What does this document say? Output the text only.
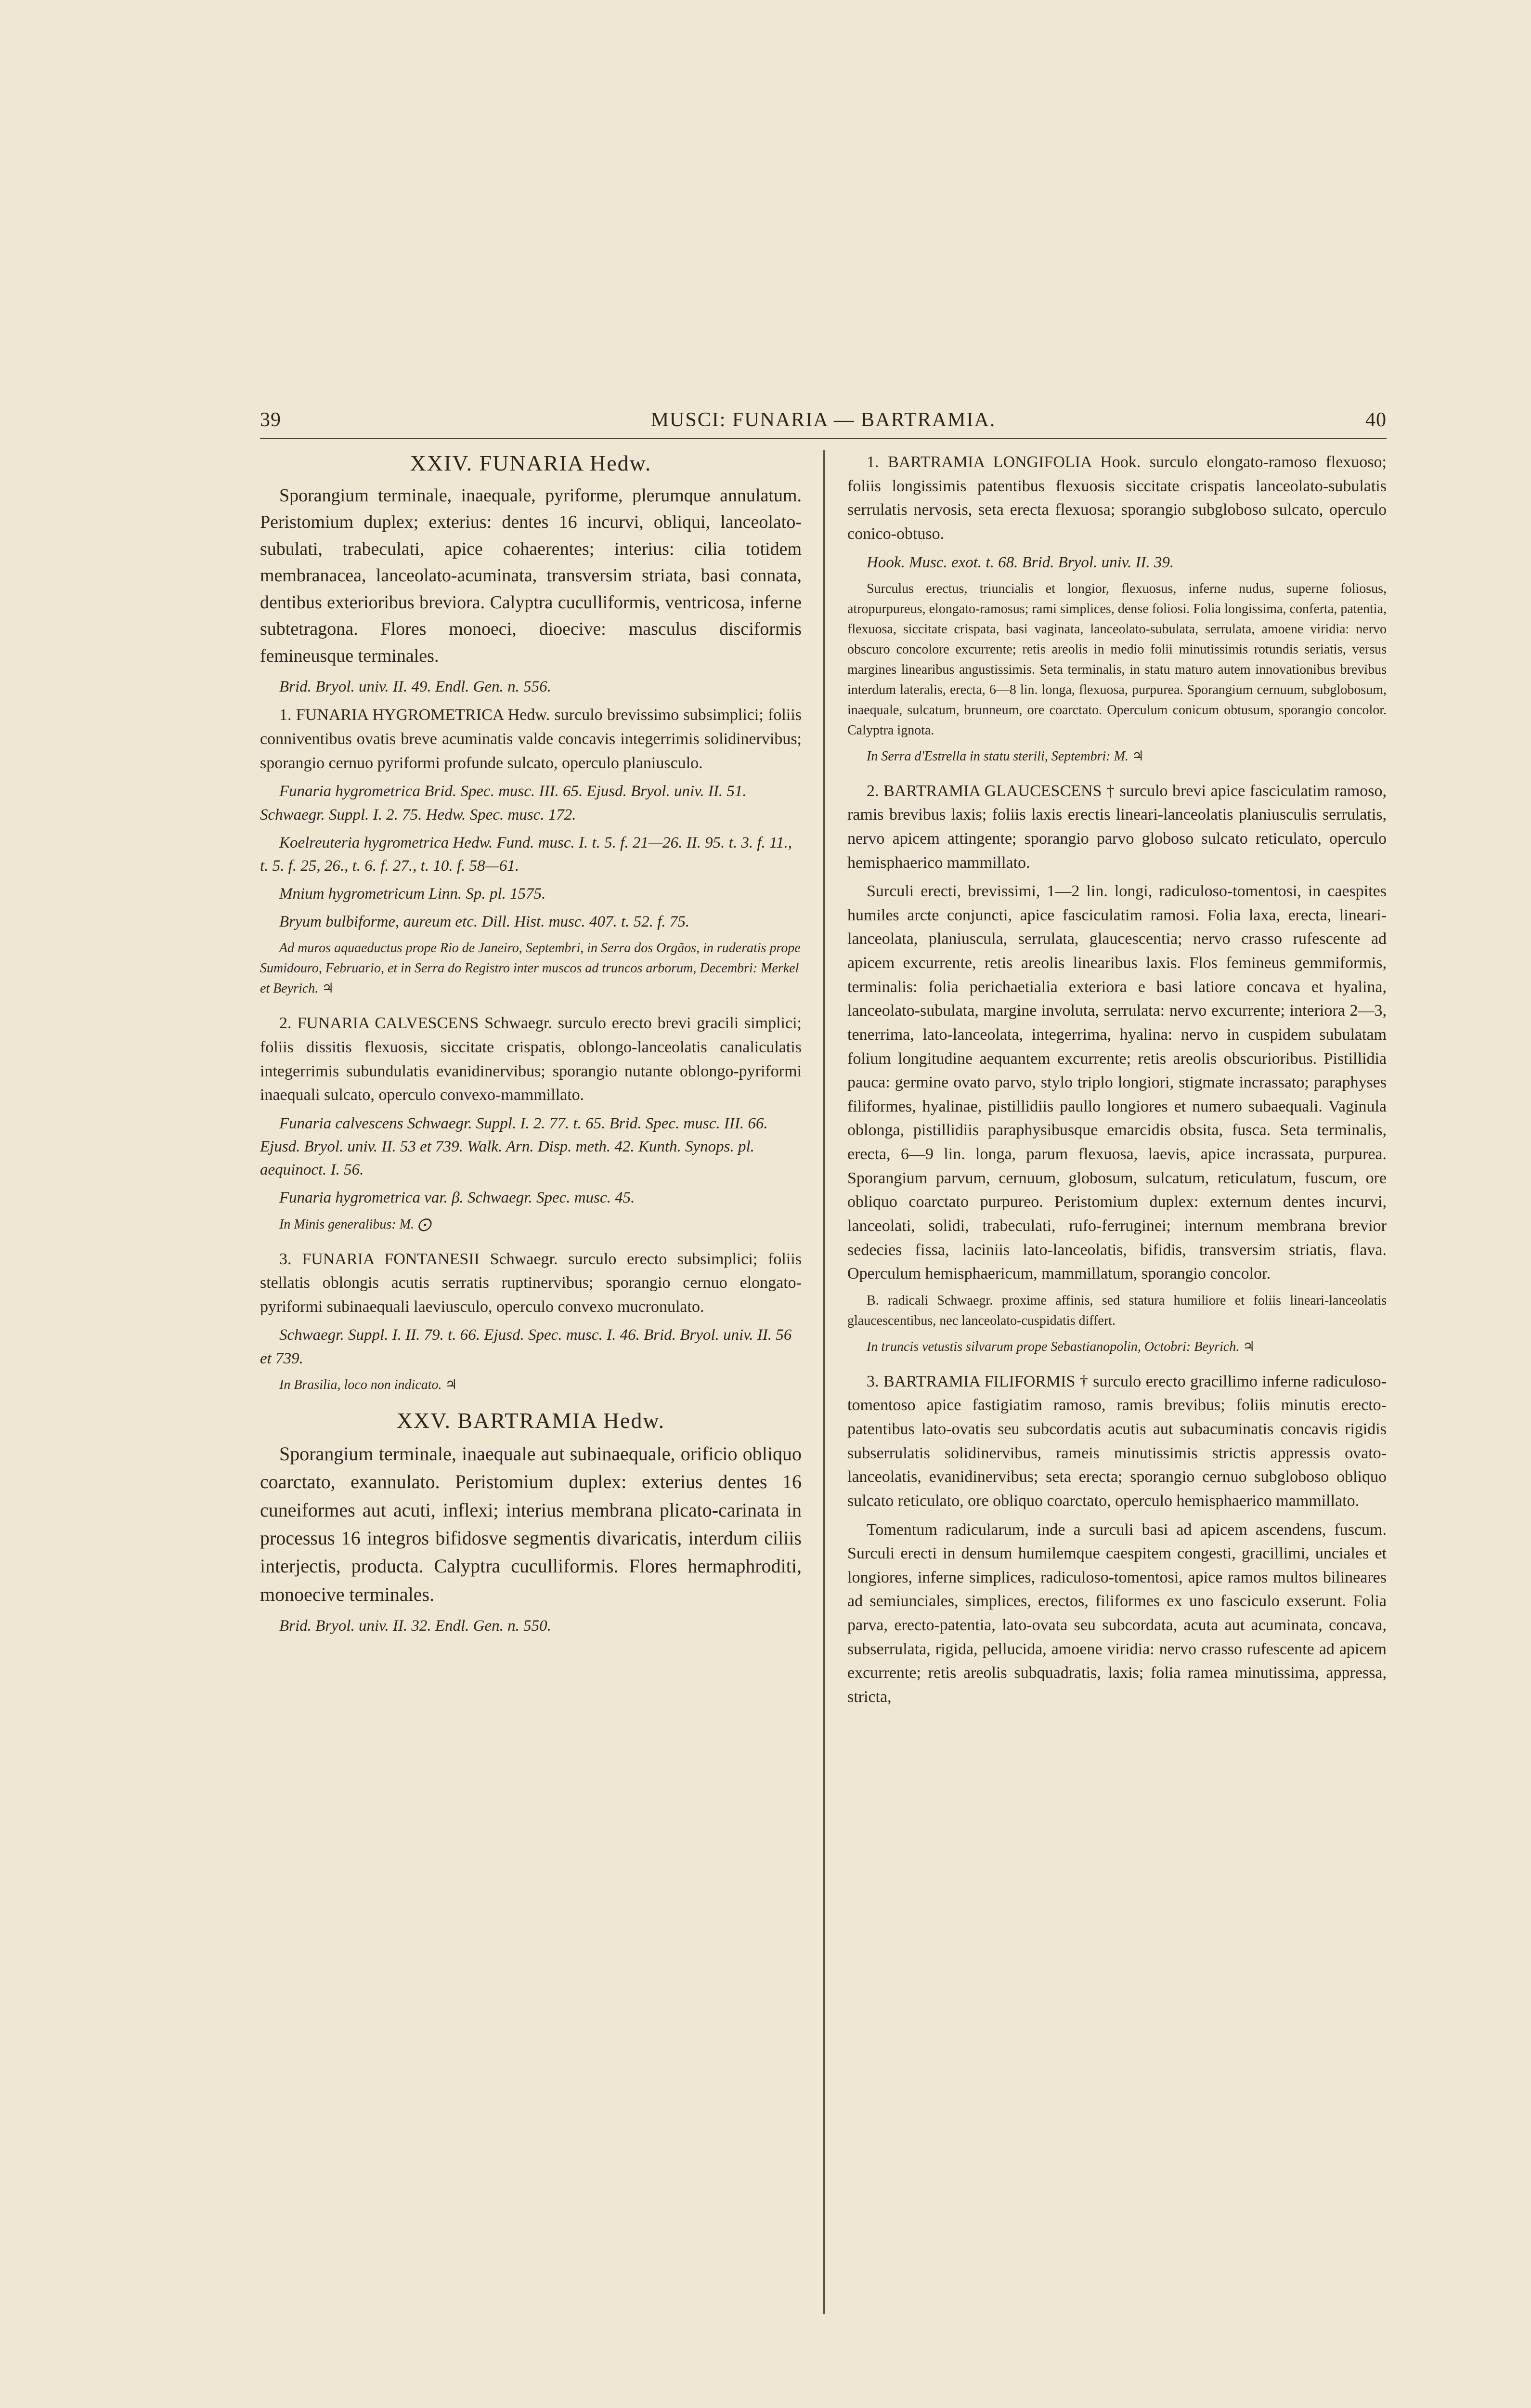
39	MUSCI: FUNARIA — BARTRAMIA.	40
XXIV. FUNARIA Hedw.

Sporangium terminale, inaequale, pyriforme, plerumque annulatum. Peristomium duplex; exterius: dentes 16 incurvi, obliqui, lanceolato-subulati, trabeculati, apice cohaerentes; interius: cilia totidem membranacea, lanceolato-acuminata, transversim striata, basi connata, dentibus exterioribus breviora. Calyptra cuculliformis, ventricosa, inferne subtetragona. Flores monoeci, dioecive: masculus disciformis femineusque terminales.

Brid. Bryol. univ. II. 49. Endl. Gen. n. 556.

1. FUNARIA HYGROMETRICA Hedw. surculo brevissimo subsimplici; foliis conniventibus ovatis breve acuminatis valde concavis integerrimis solidinervibus; sporangio cernuo pyriformi profunde sulcato, operculo planiusculo.

Funaria hygrometrica Brid. Spec. musc. III. 65. Ejusd. Bryol. univ. II. 51. Schwaegr. Suppl. I. 2. 75. Hedw. Spec. musc. 172.

Koelreuteria hygrometrica Hedw. Fund. musc. I. t. 5. f. 21—26. II. 95. t. 3. f. 11., t. 5. f. 25, 26., t. 6. f. 27., t. 10. f. 58—61.

Mnium hygrometricum Linn. Sp. pl. 1575.

Bryum bulbiforme, aureum etc. Dill. Hist. musc. 407. t. 52. f. 75.

Ad muros aquaeductus prope Rio de Janeiro, Septembri, in Serra dos Orgãos, in ruderatis prope Sumidouro, Februario, et in Serra do Registro inter muscos ad truncos arborum, Decembri: Merkel et Beyrich. ♃

2. FUNARIA CALVESCENS Schwaegr. surculo erecto brevi gracili simplici; foliis dissitis flexuosis, siccitate crispatis, oblongo-lanceolatis canaliculatis integerrimis subundulatis evanidinervibus; sporangio nutante oblongo-pyriformi inaequali sulcato, operculo convexo-mammillato.

Funaria calvescens Schwaegr. Suppl. I. 2. 77. t. 65. Brid. Spec. musc. III. 66. Ejusd. Bryol. univ. II. 53 et 739. Walk. Arn. Disp. meth. 42. Kunth. Synops. pl. aequinoct. I. 56.

Funaria hygrometrica var. β. Schwaegr. Spec. musc. 45.

In Minis generalibus: M. ⨀

3. FUNARIA FONTANESII Schwaegr. surculo erecto subsimplici; foliis stellatis oblongis acutis serratis ruptinervibus; sporangio cernuo elongato-pyriformi subinaequali laeviusculo, operculo convexo mucronulato.

Schwaegr. Suppl. I. II. 79. t. 66. Ejusd. Spec. musc. I. 46. Brid. Bryol. univ. II. 56 et 739.

In Brasilia, loco non indicato. ♃

XXV. BARTRAMIA Hedw.

Sporangium terminale, inaequale aut subinaequale, orificio obliquo coarctato, exannulato. Peristomium duplex: exterius dentes 16 cuneiformes aut acuti, inflexi; interius membrana plicato-carinata in processus 16 integros bifidosve segmentis divaricatis, interdum ciliis interjectis, producta. Calyptra cuculliformis. Flores hermaphroditi, monoecive terminales.

Brid. Bryol. univ. II. 32. Endl. Gen. n. 550.

1. BARTRAMIA LONGIFOLIA Hook. surculo elongato-ramoso flexuoso; foliis longissimis patentibus flexuosis siccitate crispatis lanceolato-subulatis serrulatis nervosis, seta erecta flexuosa; sporangio subgloboso sulcato, operculo conico-obtuso.

Hook. Musc. exot. t. 68. Brid. Bryol. univ. II. 39.

Surculus erectus, triuncialis et longior, flexuosus, inferne nudus, superne foliosus, atropurpureus, elongato-ramosus; rami simplices, dense foliosi. Folia longissima, conferta, patentia, flexuosa, siccitate crispata, basi vaginata, lanceolato-subulata, serrulata, amoene viridia: nervo obscuro concolore excurrente; retis areolis in medio folii minutissimis rotundis seriatis, versus margines linearibus angustissimis. Seta terminalis, in statu maturo autem innovationibus brevibus interdum lateralis, erecta, 6—8 lin. longa, flexuosa, purpurea. Sporangium cernuum, subglobosum, inaequale, sulcatum, brunneum, ore coarctato. Operculum conicum obtusum, sporangio concolor. Calyptra ignota.

In Serra d'Estrella in statu sterili, Septembri: M. ♃

2. BARTRAMIA GLAUCESCENS † surculo brevi apice fasciculatim ramoso, ramis brevibus laxis; foliis laxis erectis lineari-lanceolatis planiusculis serrulatis, nervo apicem attingente; sporangio parvo globoso sulcato reticulato, operculo hemisphaerico mammillato.

Surculi erecti, brevissimi, 1—2 lin. longi, radiculoso-tomentosi, in caespites humiles arcte conjuncti, apice fasciculatim ramosi. Folia laxa, erecta, lineari-lanceolata, planiuscula, serrulata, glaucescentia; nervo crasso rufescente ad apicem excurrente, retis areolis linearibus laxis. Flos femineus gemmiformis, terminalis: folia perichaetialia exteriora e basi latiore concava et hyalina, lanceolato-subulata, margine involuta, serrulata: nervo excurrente; interiora 2—3, tenerrima, lato-lanceolata, integerrima, hyalina: nervo in cuspidem subulatam folium longitudine aequantem excurrente; retis areolis obscurioribus. Pistillidia pauca: germine ovato parvo, stylo triplo longiori, stigmate incrassato; paraphyses filiformes, hyalinae, pistillidiis paullo longiores et numero subaequali. Vaginula oblonga, pistillidiis paraphysibusque emarcidis obsita, fusca. Seta terminalis, erecta, 6—9 lin. longa, parum flexuosa, laevis, apice incrassata, purpurea. Sporangium parvum, cernuum, globosum, sulcatum, reticulatum, fuscum, ore obliquo coarctato purpureo. Peristomium duplex: externum dentes incurvi, lanceolati, solidi, trabeculati, rufo-ferruginei; internum membrana brevior sedecies fissa, laciniis lato-lanceolatis, bifidis, transversim striatis, flava. Operculum hemisphaericum, mammillatum, sporangio concolor.

B. radicali Schwaegr. proxime affinis, sed statura humiliore et foliis lineari-lanceolatis glaucescentibus, nec lanceolato-cuspidatis differt.

In truncis vetustis silvarum prope Sebastianopolin, Octobri: Beyrich. ♃

3. BARTRAMIA FILIFORMIS † surculo erecto gracillimo inferne radiculoso-tomentoso apice fastigiatim ramoso, ramis brevibus; foliis minutis erecto-patentibus lato-ovatis seu subcordatis acutis aut subacuminatis concavis rigidis subserrulatis solidinervibus, rameis minutissimis strictis appressis ovato-lanceolatis, evanidinervibus; seta erecta; sporangio cernuo subgloboso obliquo sulcato reticulato, ore obliquo coarctato, operculo hemisphaerico mammillato.

Tomentum radicularum, inde a surculi basi ad apicem ascendens, fuscum. Surculi erecti in densum humilemque caespitem congesti, gracillimi, unciales et longiores, inferne simplices, radiculoso-tomentosi, apice ramos multos bilineares ad semiunciales, simplices, erectos, filiformes ex uno fasciculo exserunt. Folia parva, erecto-patentia, lato-ovata seu subcordata, acuta aut acuminata, concava, subserrulata, rigida, pellucida, amoene viridia: nervo crasso rufescente ad apicem excurrente; retis areolis subquadratis, laxis; folia ramea minutissima, appressa, stricta,
